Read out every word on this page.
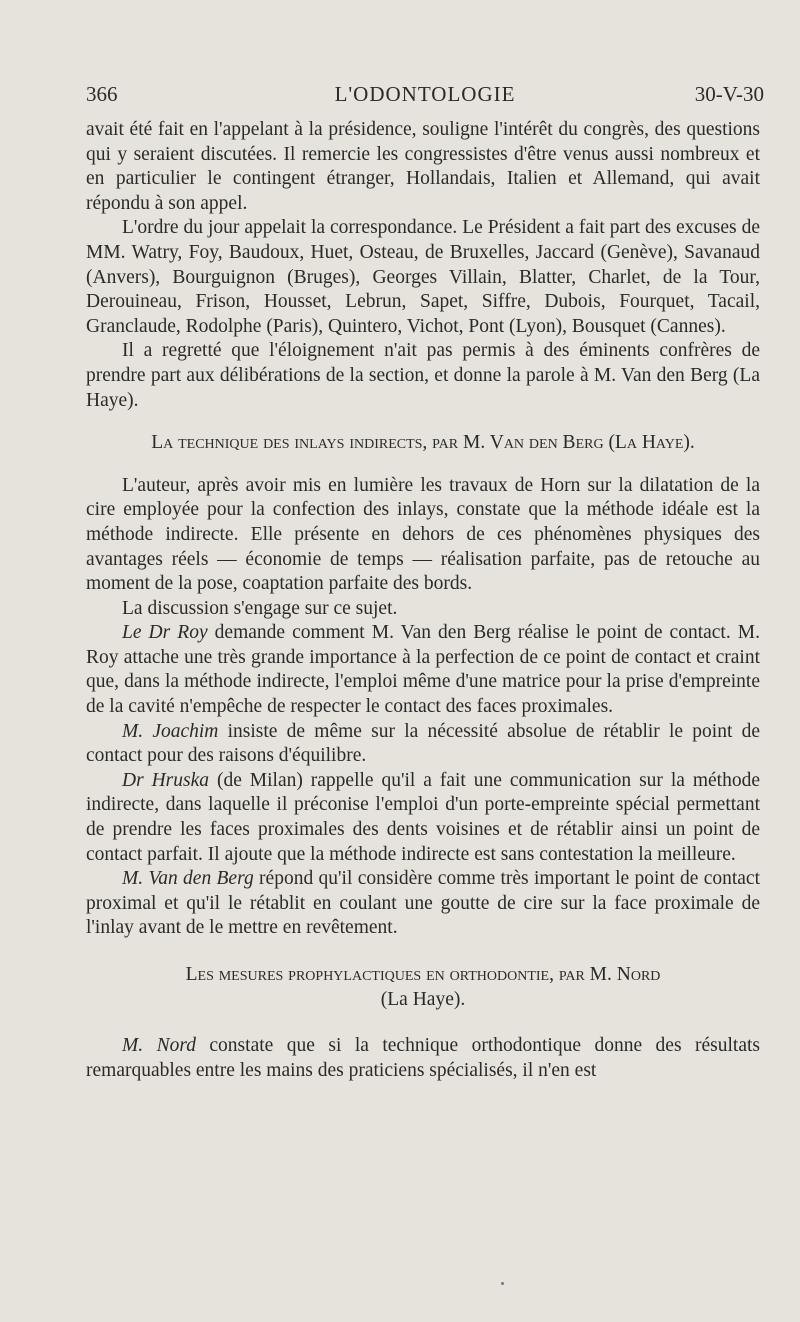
366	L'ODONTOLOGIE	30-V-30

avait été fait en l'appelant à la présidence, souligne l'intérêt du congrès, des questions qui y seraient discutées. Il remercie les congressistes d'être venus aussi nombreux et en particulier le contingent étranger, Hollandais, Italien et Allemand, qui avait répondu à son appel.

L'ordre du jour appelait la correspondance. Le Président a fait part des excuses de MM. Watry, Foy, Baudoux, Huet, Osteau, de Bruxelles, Jaccard (Genève), Savanaud (Anvers), Bourguignon (Bruges), Georges Villain, Blatter, Charlet, de la Tour, Derouineau, Frison, Housset, Lebrun, Sapet, Siffre, Dubois, Fourquet, Tacail, Granclaude, Rodolphe (Paris), Quintero, Vichot, Pont (Lyon), Bousquet (Cannes).

Il a regretté que l'éloignement n'ait pas permis à des éminents confrères de prendre part aux délibérations de la section, et donne la parole à M. Van den Berg (La Haye).

La technique des inlays indirects, par M. Van den Berg (La Haye).

L'auteur, après avoir mis en lumière les travaux de Horn sur la dilatation de la cire employée pour la confection des inlays, constate que la méthode idéale est la méthode indirecte. Elle présente en dehors de ces phénomènes physiques des avantages réels — économie de temps — réalisation parfaite, pas de retouche au moment de la pose, coaptation parfaite des bords.

La discussion s'engage sur ce sujet.

Le Dr Roy demande comment M. Van den Berg réalise le point de contact. M. Roy attache une très grande importance à la perfection de ce point de contact et craint que, dans la méthode indirecte, l'emploi même d'une matrice pour la prise d'empreinte de la cavité n'empêche de respecter le contact des faces proximales.

M. Joachim insiste de même sur la nécessité absolue de rétablir le point de contact pour des raisons d'équilibre.

Dr Hruska (de Milan) rappelle qu'il a fait une communication sur la méthode indirecte, dans laquelle il préconise l'emploi d'un porte-empreinte spécial permettant de prendre les faces proximales des dents voisines et de rétablir ainsi un point de contact parfait. Il ajoute que la méthode indirecte est sans contestation la meilleure.

M. Van den Berg répond qu'il considère comme très important le point de contact proximal et qu'il le rétablit en coulant une goutte de cire sur la face proximale de l'inlay avant de le mettre en revêtement.

Les mesures prophylactiques en orthodontie, par M. Nord
(La Haye).

M. Nord constate que si la technique orthodontique donne des résultats remarquables entre les mains des praticiens spécialisés, il n'en est
